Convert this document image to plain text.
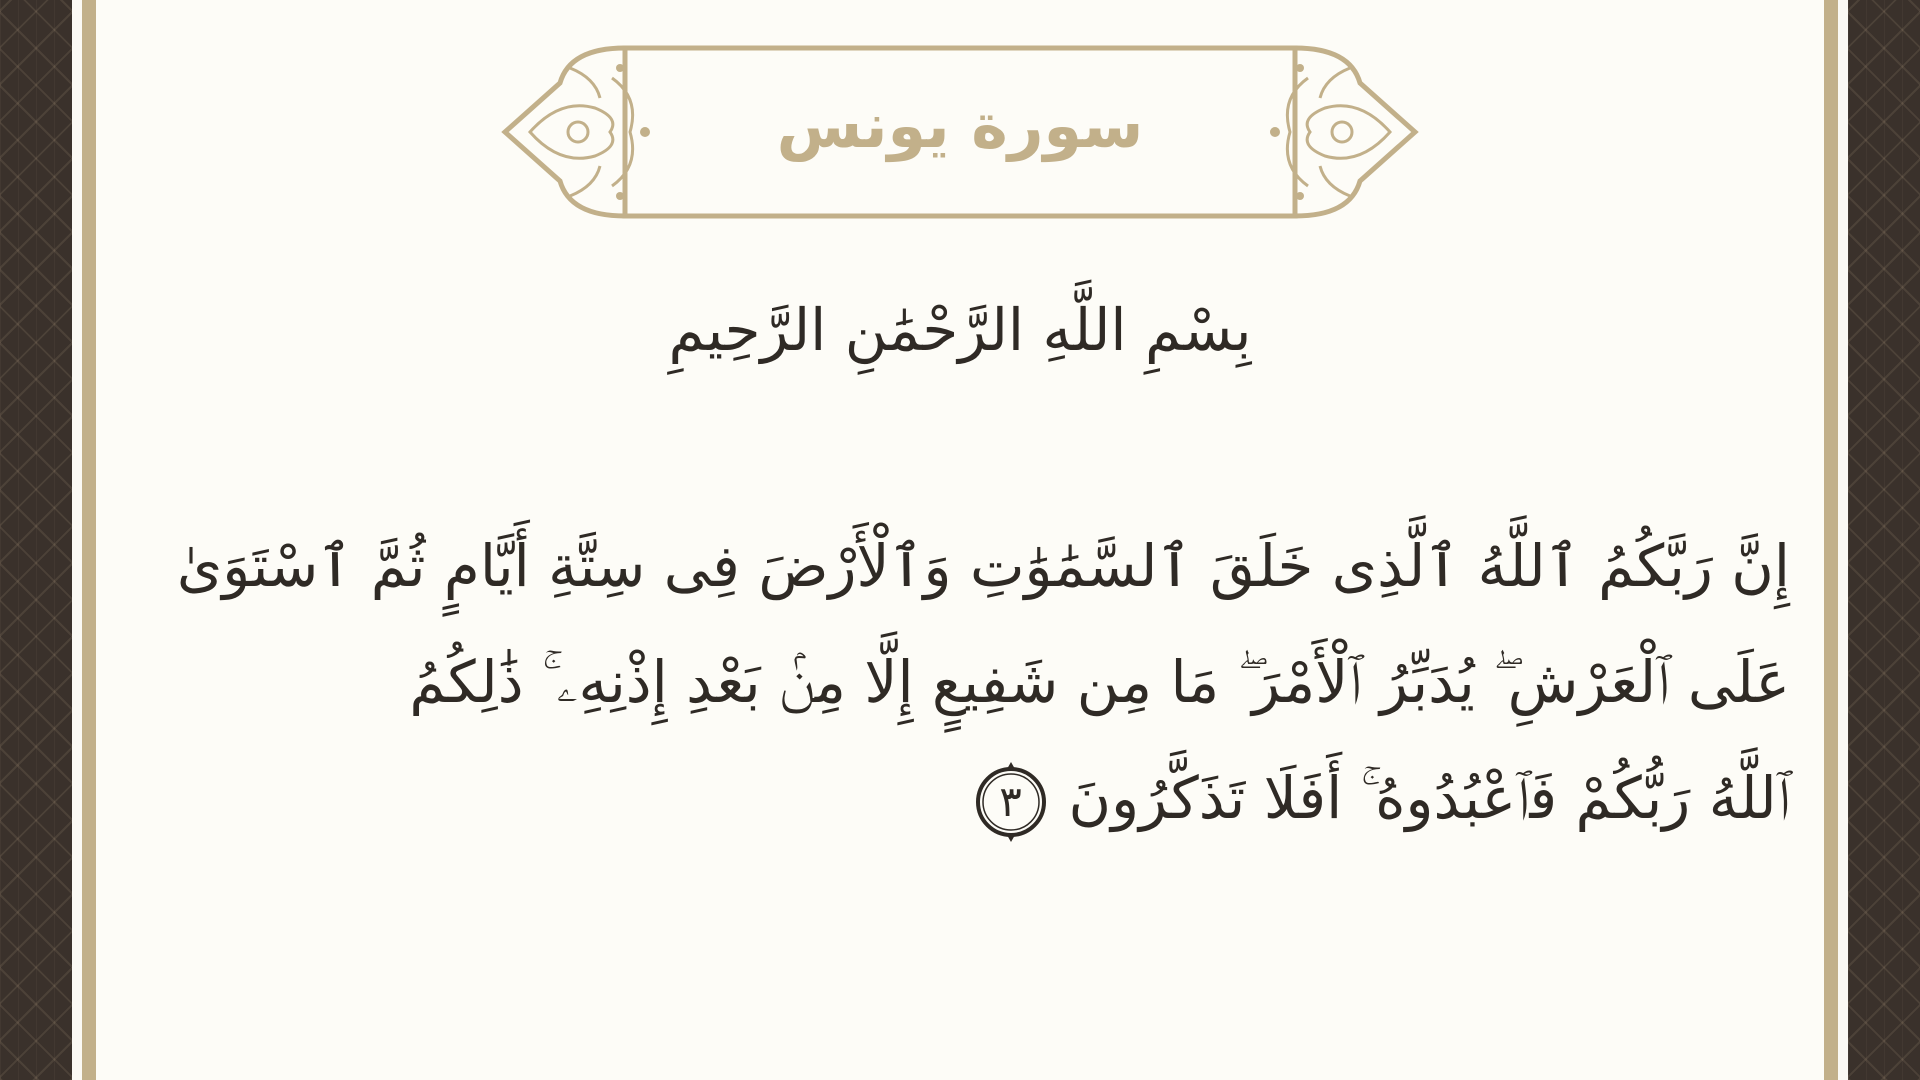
سورة يونس
بِسْمِ اللَّهِ الرَّحْمَٰنِ الرَّحِيمِ
إِنَّ رَبَّكُمُ ٱللَّهُ ٱلَّذِى خَلَقَ ٱلسَّمَٰوَٰتِ وَٱلْأَرْضَ فِى سِتَّةِ أَيَّامٍ ثُمَّ ٱسْتَوَىٰ
عَلَى ٱلْعَرْشِ ۖ يُدَبِّرُ ٱلْأَمْرَ ۖ مَا مِن شَفِيعٍ إِلَّا مِنۢ بَعْدِ إِذْنِهِۦ ۚ ذَٰلِكُمُ
ٱللَّهُ رَبُّكُمْ فَٱعْبُدُوهُ ۚ أَفَلَا تَذَكَّرُونَ
٣
